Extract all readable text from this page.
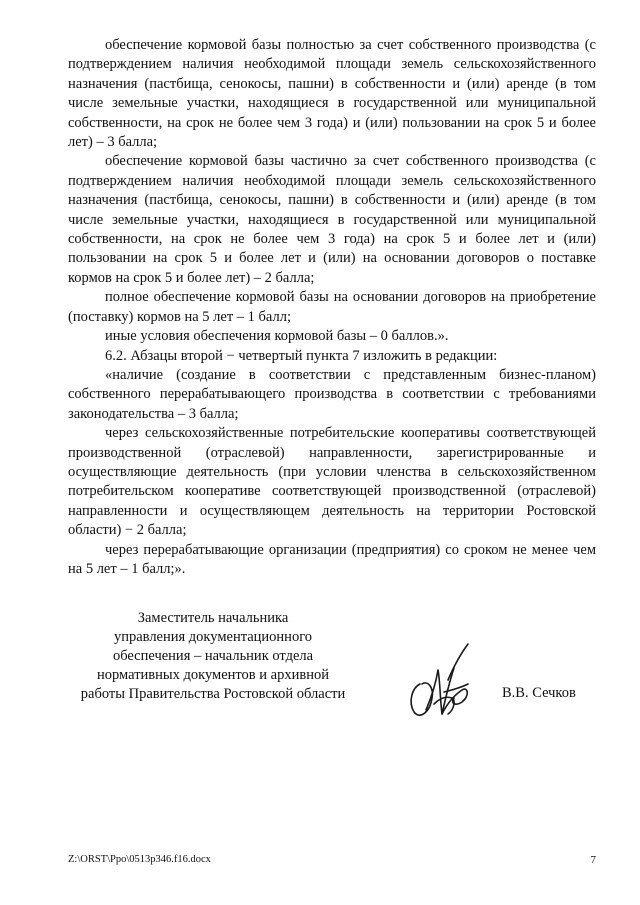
обеспечение кормовой базы полностью за счет собственного производства (с подтверждением наличия необходимой площади земель сельскохозяйственного назначения (пастбища, сенокосы, пашни) в собственности и (или) аренде (в том числе земельные участки, находящиеся в государственной или муниципальной собственности, на срок не более чем 3 года) и (или) пользовании на срок 5 и более лет) – 3 балла;

обеспечение кормовой базы частично за счет собственного производства (с подтверждением наличия необходимой площади земель сельскохозяйственного назначения (пастбища, сенокосы, пашни) в собственности и (или) аренде (в том числе земельные участки, находящиеся в государственной или муниципальной собственности, на срок не более чем 3 года) на срок 5 и более лет и (или) пользовании на срок 5 и более лет и (или) на основании договоров о поставке кормов на срок 5 и более лет) – 2 балла;

полное обеспечение кормовой базы на основании договоров на приобретение (поставку) кормов на 5 лет – 1 балл;

иные условия обеспечения кормовой базы – 0 баллов.».

6.2. Абзацы второй − четвертый пункта 7 изложить в редакции:

«наличие (создание в соответствии с представленным бизнес-планом) собственного перерабатывающего производства в соответствии с требованиями законодательства – 3 балла;

через сельскохозяйственные потребительские кооперативы соответствующей производственной (отраслевой) направленности, зарегистрированные и осуществляющие деятельность (при условии членства в сельскохозяйственном потребительском кооперативе соответствующей производственной (отраслевой) направленности и осуществляющем деятельность на территории Ростовской области) − 2 балла;

через перерабатывающие организации (предприятия) со сроком не менее чем на 5 лет – 1 балл;».

Заместитель начальника
управления документационного
обеспечения – начальник отдела
нормативных документов и архивной
работы Правительства Ростовской области	В.В. Сечков
Z:\ORST\Ppo\0513p346.f16.docx	7
